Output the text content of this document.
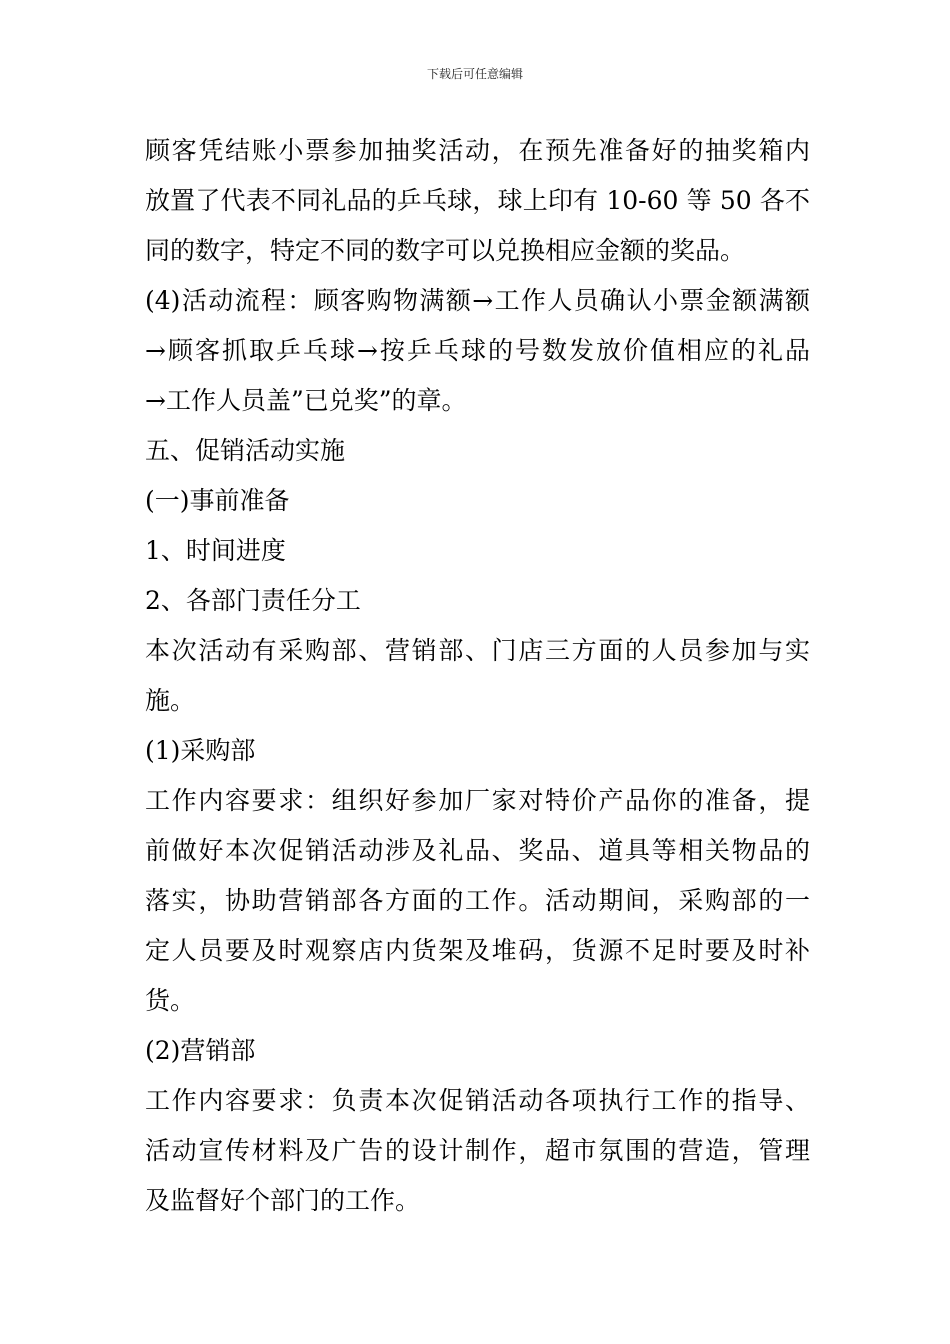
下载后可任意编辑
顾客凭结账小票参加抽奖活动，在预先准备好的抽奖箱内
放置了代表不同礼品的乒乓球，球上印有 10-60 等 50 各不
同的数字，特定不同的数字可以兑换相应金额的奖品。
(4)活动流程：顾客购物满额→工作人员确认小票金额满额
→顾客抓取乒乓球→按乒乓球的号数发放价值相应的礼品
→工作人员盖”已兑奖”的章。
五、促销活动实施
(一)事前准备
1、时间进度
2、各部门责任分工
本次活动有采购部、营销部、门店三方面的人员参加与实
施。
(1)采购部
工作内容要求：组织好参加厂家对特价产品你的准备，提
前做好本次促销活动涉及礼品、奖品、道具等相关物品的
落实，协助营销部各方面的工作。活动期间，采购部的一
定人员要及时观察店内货架及堆码，货源不足时要及时补
货。
(2)营销部
工作内容要求：负责本次促销活动各项执行工作的指导、
活动宣传材料及广告的设计制作，超市氛围的营造，管理
及监督好个部门的工作。
